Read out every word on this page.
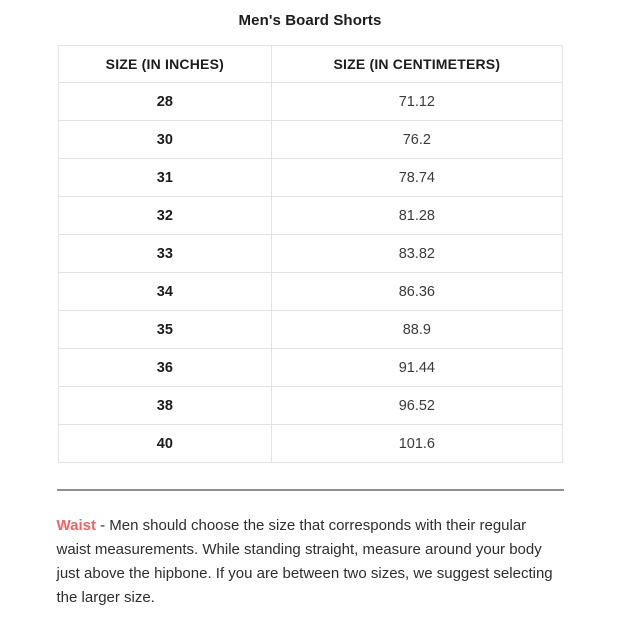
Men's Board Shorts
SIZE (IN INCHES)	SIZE (IN CENTIMETERS)
28	71.12
30	76.2
31	78.74
32	81.28
33	83.82
34	86.36
35	88.9
36	91.44
38	96.52
40	101.6
Waist - Men should choose the size that corresponds with their regular
waist measurements. While standing straight, measure around your body
just above the hipbone. If you are between two sizes, we suggest selecting
the larger size.
